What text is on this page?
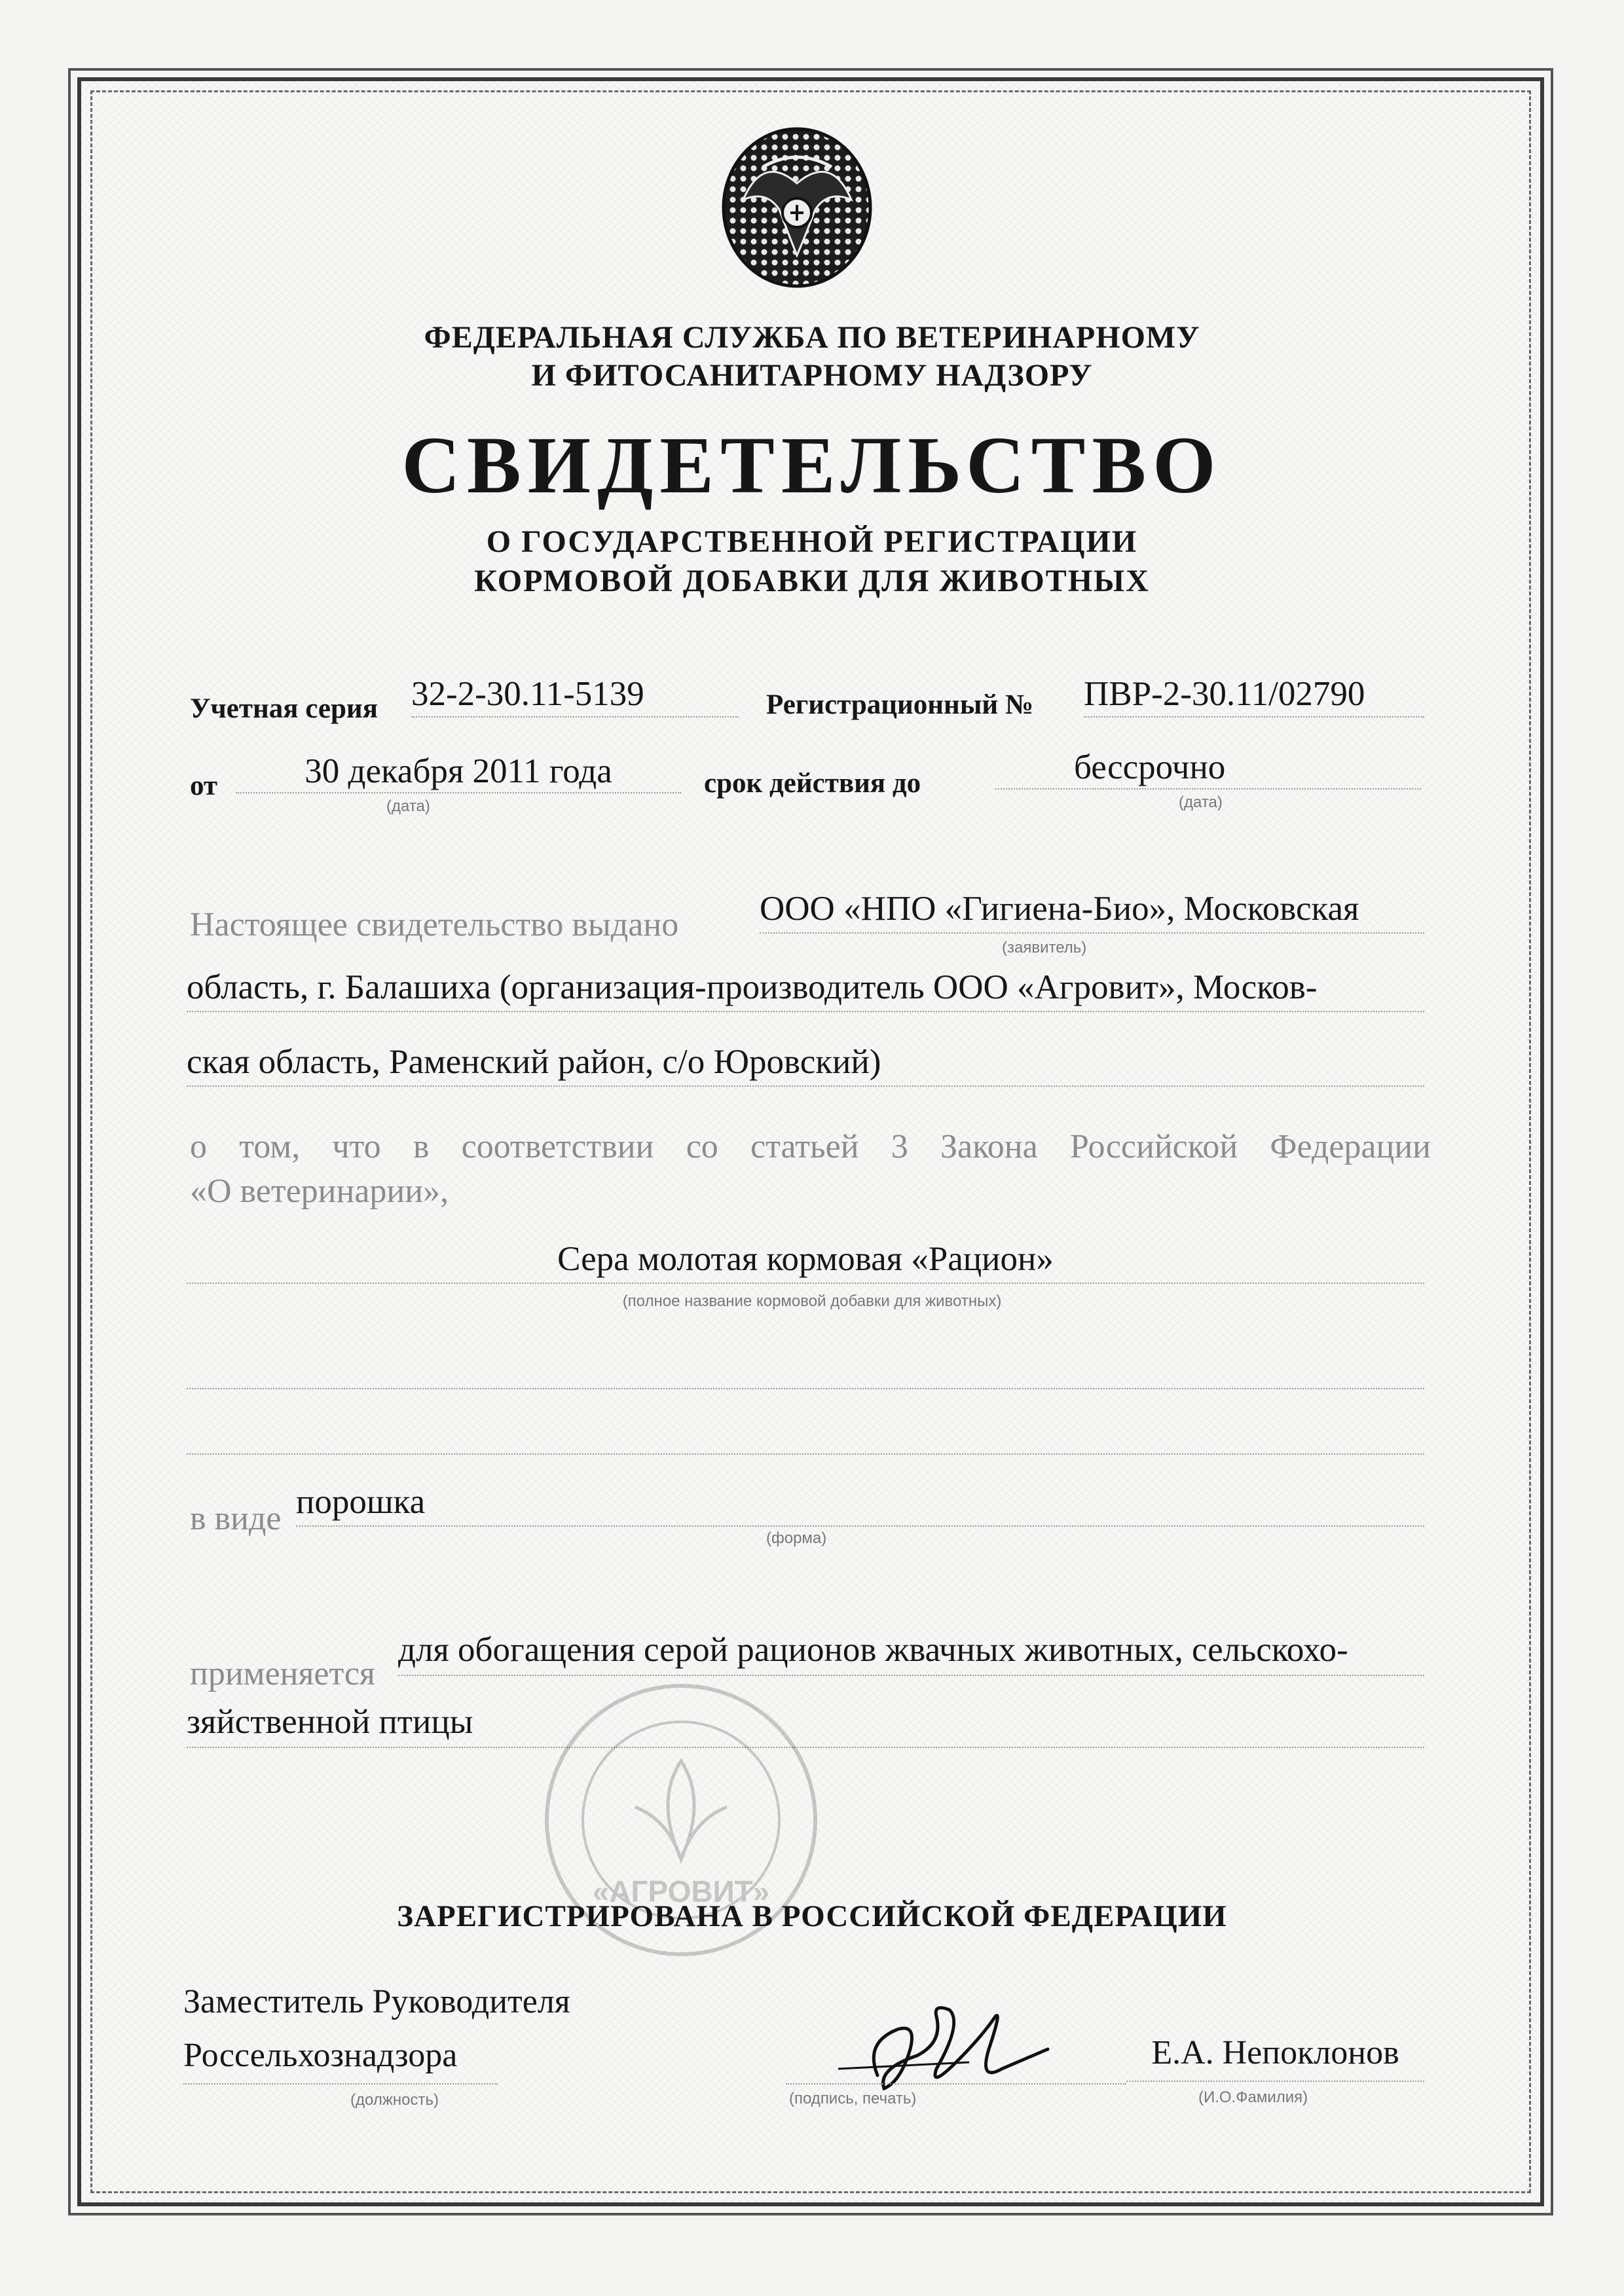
ФЕДЕРАЛЬНАЯ СЛУЖБА ПО ВЕТЕРИНАРНОМУ
И ФИТОСАНИТАРНОМУ НАДЗОРУ
СВИДЕТЕЛЬСТВО
О ГОСУДАРСТВЕННОЙ РЕГИСТРАЦИИ
КОРМОВОЙ ДОБАВКИ ДЛЯ ЖИВОТНЫХ
Учетная серия 32-2-30.11-5139	Регистрационный № ПВР-2-30.11/02790
от	30 декабря 2011 года
(дата)
срок действия до	бессрочно
(дата)
Настоящее свидетельство выдано ООО «НПО «Гигиена-Био», Московская
(заявитель)
область, г. Балашиха (организация-производитель ООО «Агровит», Москов-
ская область, Раменский район, с/о Юровский)
о том, что в соответствии со статьей 3 Закона Российской Федерации
«О ветеринарии»,
Сера молотая кормовая «Рацион»
(полное название кормовой добавки для животных)
в виде порошка
(форма)
применяется
для обогащения серой рационов жвачных животных, сельскохо-
зяйственной птицы
«АГРОВИТ»
ЗАРЕГИСТРИРОВАНА В РОССИЙСКОЙ ФЕДЕРАЦИИ
Заместитель Руководителя
Россельхознадзора
(должность)	(подпись, печать)
Е.А. Непоклонов
(И.О.Фамилия)
